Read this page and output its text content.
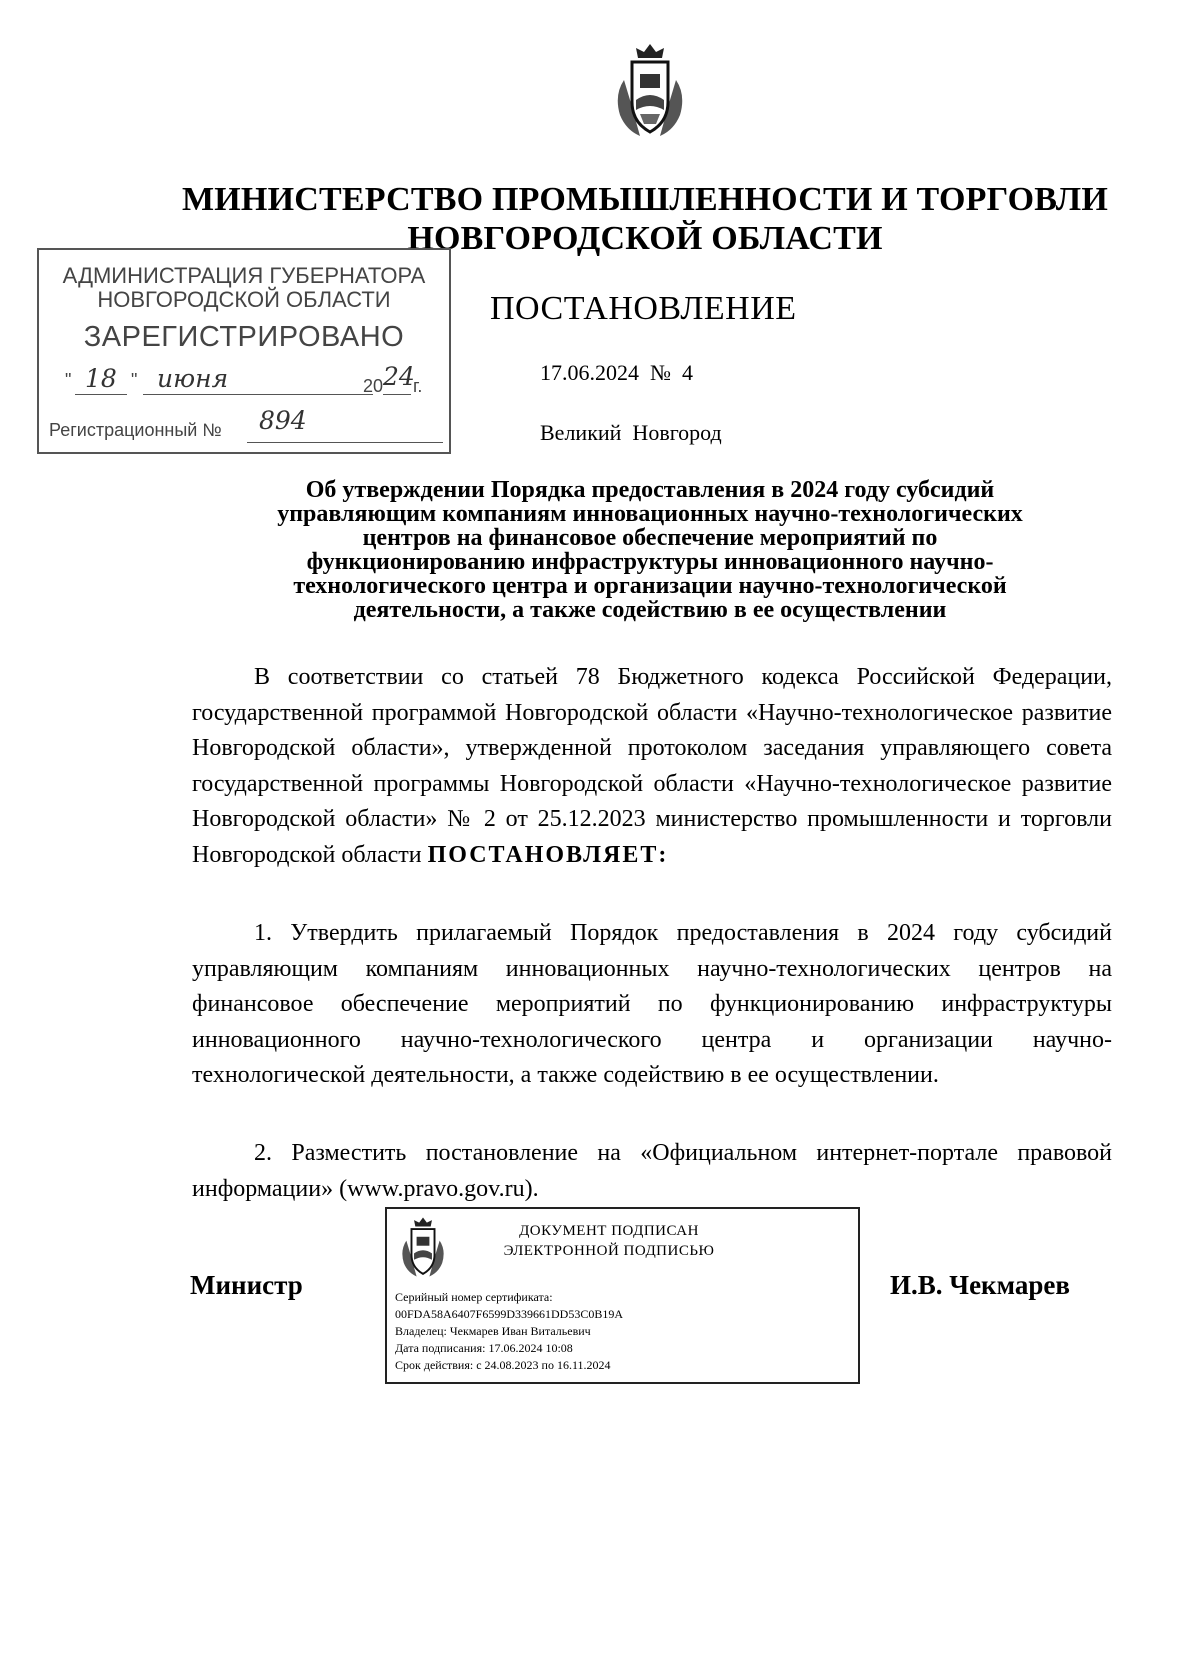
МИНИСТЕРСТВО ПРОМЫШЛЕННОСТИ И ТОРГОВЛИ
НОВГОРОДСКОЙ ОБЛАСТИ
АДМИНИСТРАЦИЯ ГУБЕРНАТОРА
НОВГОРОДСКОЙ ОБЛАСТИ
ЗАРЕГИСТРИРОВАНО
" 18 " июня	20 24
г.
Регистрационный № 894
ПОСТАНОВЛЕНИЕ
17.06.2024  №  4
Великий  Новгород
Об утверждении Порядка предоставления в 2024 году субсидий
управляющим компаниям инновационных научно-технологических
центров на финансовое обеспечение мероприятий по
функционированию инфраструктуры инновационного научно-
технологического центра и организации научно-технологической
деятельности, а также содействию в ее осуществлении
В соответствии со статьей 78 Бюджетного кодекса Российской Федерации, государственной программой Новгородской области «Научно-технологическое развитие Новгородской области», утвержденной протоколом заседания управляющего совета государственной программы Новгородской области «Научно-технологическое развитие Новгородской области» № 2 от 25.12.2023 министерство промышленности и торговли Новгородской области ПОСТАНОВЛЯЕТ:
1. Утвердить прилагаемый Порядок предоставления в 2024 году субсидий управляющим компаниям инновационных научно-технологических центров на финансовое обеспечение мероприятий по функционированию инфраструктуры инновационного научно-технологического центра и организации научно-технологической деятельности, а также содействию в ее осуществлении.
2. Разместить постановление на «Официальном интернет-портале правовой информации» (www.pravo.gov.ru).
Министр	И.В. Чекмарев
ДОКУМЕНТ ПОДПИСАН
ЭЛЕКТРОННОЙ ПОДПИСЬЮ
Серийный номер сертификата:
00FDA58A6407F6599D339661DD53C0B19A
Владелец: Чекмарев Иван Витальевич
Дата подписания: 17.06.2024 10:08
Срок действия: с 24.08.2023 по 16.11.2024
